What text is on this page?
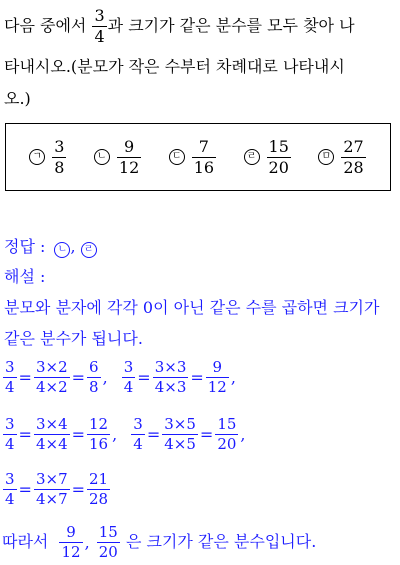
다음 중에서 $\frac{3}{4}$ 과 크기가 같은 분수를 모두 찾아 나
타내시오.(분모가 작은 수부터 차례대로 나타내시
오.)
ㄱ $\frac{3}{8}$	ㄴ $\frac{9}{12}$	ㄷ $\frac{7}{16}$	ㄹ $\frac{15}{20}$	ㅁ $\frac{27}{28}$
정답 : ㄴ , ㄹ
해설 :
분모와 분자에 각각 0이 아닌 같은 수를 곱하면 크기가
같은 분수가 됩니다.
$\frac{3}{4} = \frac{3\times 2}{4\times 2} = \frac{6}{8}$ , $\frac{3}{4} = \frac{3\times 3}{4\times 3} = \frac{9}{12}$ ,
$\frac{3}{4} = \frac{3\times 4}{4\times 4} = \frac{12}{16}$ , $\frac{3}{4} = \frac{3\times 5}{4\times 5} = \frac{15}{20}$ ,
$\frac{3}{4} = \frac{3\times 7}{4\times 7} = \frac{21}{28}$
따라서 $\frac{9}{12}$ , $\frac{15}{20}$ 은 크기가 같은 분수입니다.
